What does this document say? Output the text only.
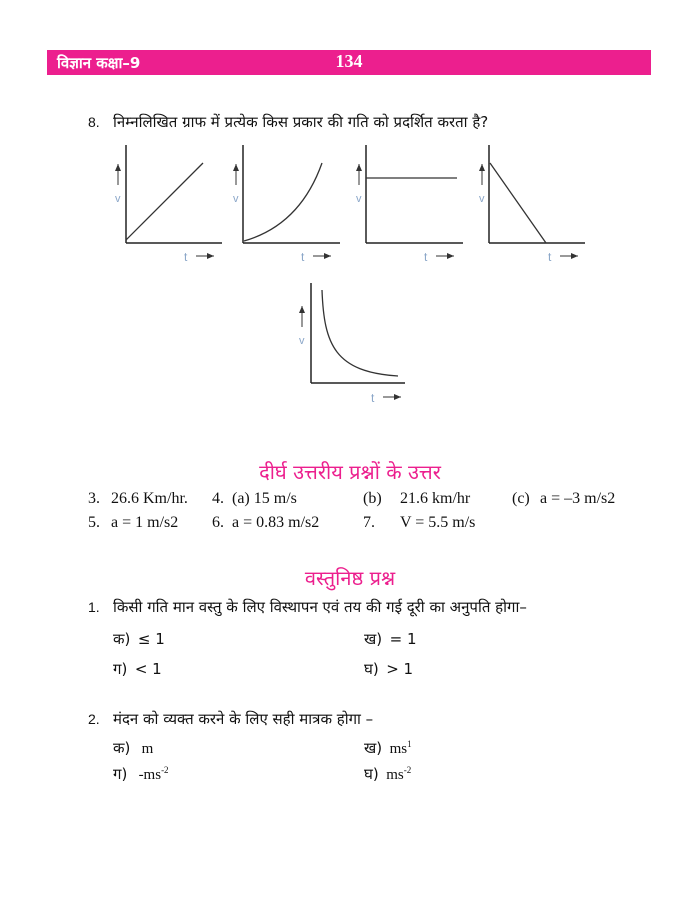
विज्ञान कक्षा–9	134
8. निम्नलिखित ग्राफ में प्रत्येक किस प्रकार की गति को प्रदर्शित करता है?
v
t
v
t
v
t
v
t
v
t
दीर्घ उत्तरीय प्रश्नों के उत्तर
3. 26.6 Km/hr. 4. (a) 15 m/s	(b) 21.6 km/hr	(c) a = –3 m/s2
5. a = 1 m/s2 6. a = 0.83 m/s2	7. V = 5.5 m/s
वस्तुनिष्ठ प्रश्न
1. किसी गति मान वस्तु के लिए विस्थापन एवं तय की गई दूरी का अनुपति होगा–
क) ≤ 1	ख) = 1
ग) < 1	घ) > 1
2. मंदन को व्यक्त करने के लिए सही मात्रक होगा –
क) m	ख) $ms^1$
ग) $-ms^{-2}$	घ) $ms^{-2}$
